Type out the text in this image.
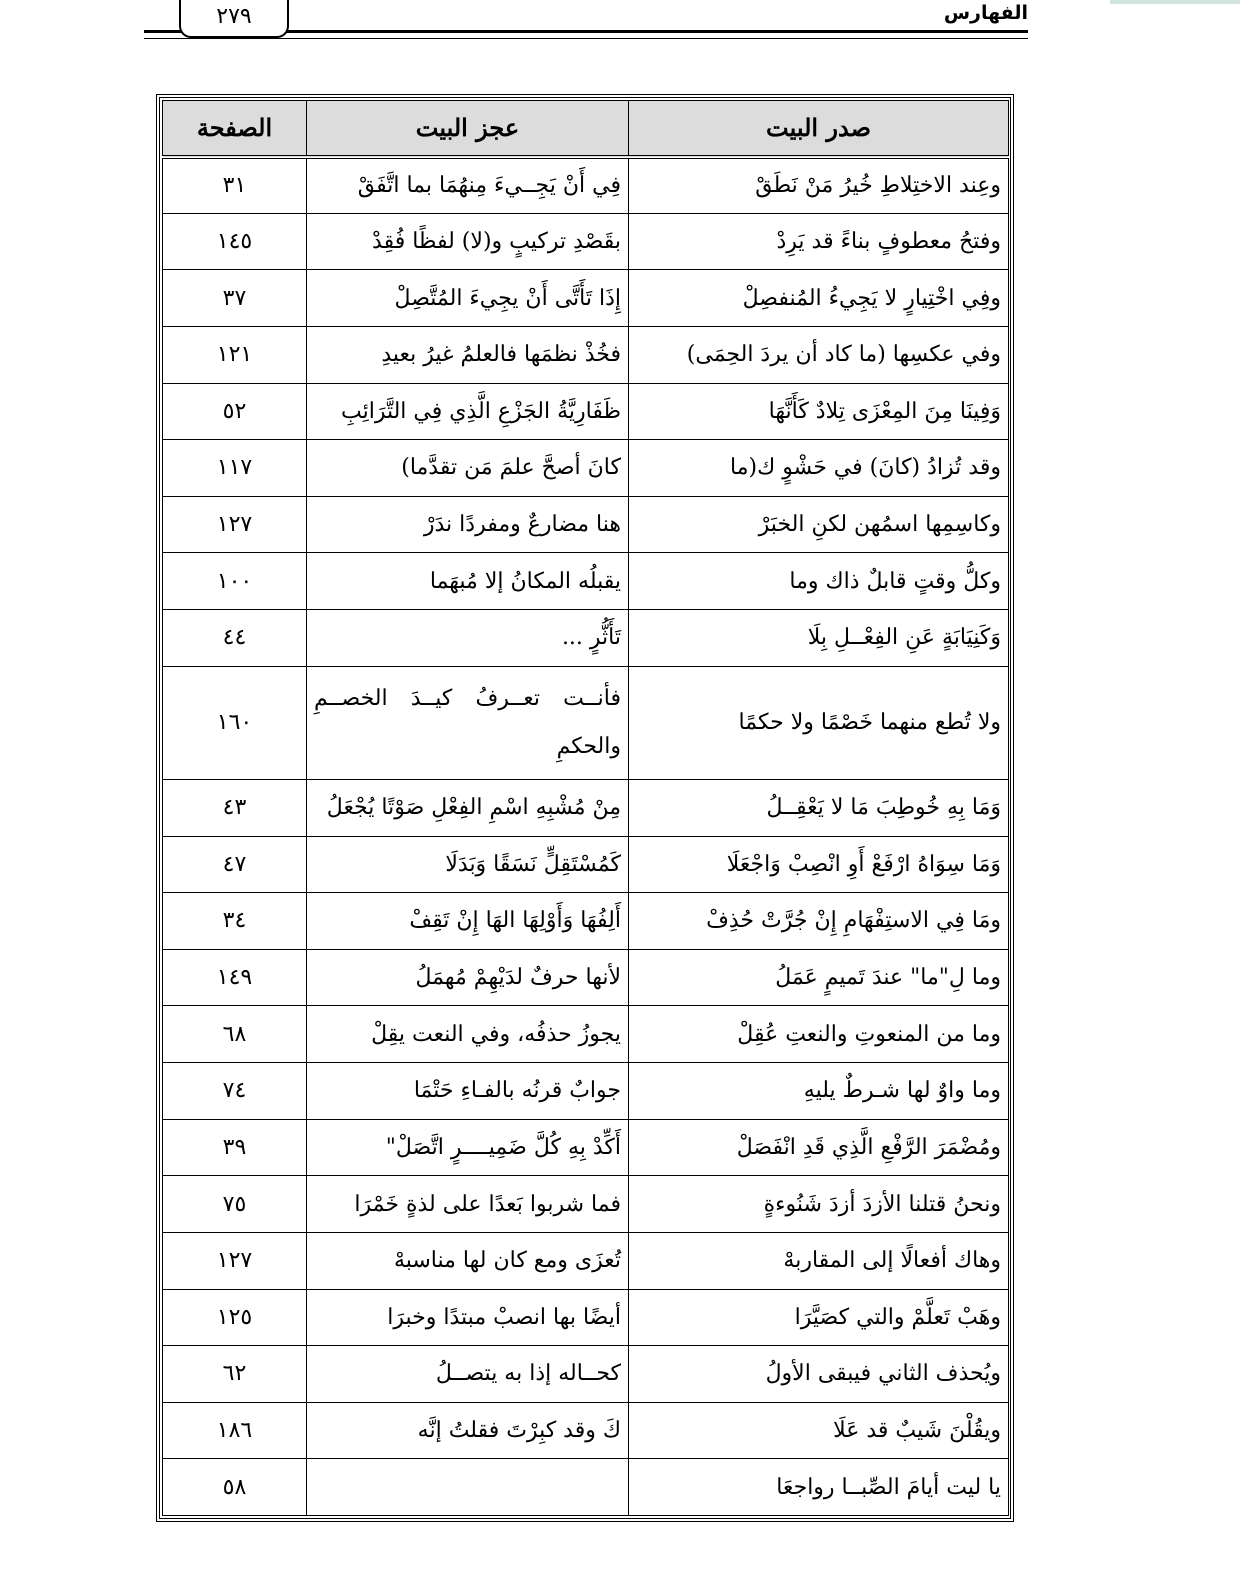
الفهارس
٢٧٩
صدر البيت	عجز البيت	الصفحة
وعِند الاختِلاطِ خُيرُ مَنْ نَطَقْ	فِي أَنْ يَجِــيءَ مِنهُمَا بما اتَّفَقْ	٣١
وفتحُ معطوفٍ بناءً قد يَرِدْ	بقَصْدِ تركيبٍ و(لا) لفظًا فُقِدْ	١٤٥
وفِي اخْتِيارٍ لا يَجِيءُ المُنفصِلْ	إِذَا تَأَتَّى أَنْ يجِيءَ المُتَّصِلْ	٣٧
وفي عكسِها (ما كاد أن يردَ الحِمَى)	فخُذْ نظمَها فالعلمُ غيرُ بعيدِ	١٢١
وَفِينَا مِنَ المِعْزَى تِلادٌ كَأَنَّهَا	ظَفَارِيَّةُ الجَزْعِ الَّذِي فِي التَّرَائِبِ	٥٢
وقد تُزادُ (كانَ) في حَشْوٍ ك(ما	كانَ أصحَّ علمَ مَن تقدَّما)	١١٧
وكاسِمِها اسمُهن لكنِ الخبَرْ	هنا مضارعٌ ومفردًا ندَرْ	١٢٧
وكلُّ وقتٍ قابلٌ ذاك وما	يقبلُه المكانُ إلا مُبهَما	١٠٠
وَكَنِيَابَةٍ عَنِ الفِعْــلِ بِلَا	تَأَثُّرٍ ...	٤٤
ولا تُطع منهما خَصْمًا ولا حكمًا	فأنــت تعــرفُ كيــدَ الخصــمِ والحكمِ	١٦٠
وَمَا بِهِ خُوطِبَ مَا لا يَعْقِــلُ	مِنْ مُشْبِهِ اسْمِ الفِعْلِ صَوْتًا يُجْعَلُ	٤٣
وَمَا سِوَاهُ ارْفَعْ أَوِ انْصِبْ وَاجْعَلَا	كَمُسْتَقِلٍّ نَسَقًا وَبَدَلَا	٤٧
ومَا فِي الاستِفْهَامِ إِنْ جُرَّتْ حُذِفْ	أَلِفُهَا وَأَوْلِهَا الهَا إِنْ تَقِفْ	٣٤
وما لِ"ما" عندَ تَميمٍ عَمَلُ	لأنها حرفٌ لدَيْهِمْ مُهمَلُ	١٤٩
وما من المنعوتِ والنعتِ عُقِلْ	يجوزُ حذفُه، وفي النعت يقِلْ	٦٨
وما واوٌ لها شـرطٌ يليهِ	جوابٌ قرنُه بالفـاءِ حَتْمَا	٧٤
ومُضْمَرَ الرَّفْعِ الَّذِي قَدِ انْفَصَلْ	أَكِّدْ بِهِ كُلَّ ضَمِيــــرٍ اتَّصَلْ"	٣٩
ونحنُ قتلنا الأزدَ أزدَ شَنُوءةٍ	فما شربوا بَعدًا على لذةٍ خَمْرَا	٧٥
وهاك أفعالًا إلى المقاربهْ	تُعزَى ومع كان لها مناسبهْ	١٢٧
وهَبْ تَعلَّمْ والتي كصَيَّرَا	أيضًا بها انصبْ مبتدًا وخبرَا	١٢٥
ويُحذف الثاني فيبقى الأولُ	كحــاله إذا به يتصــلُ	٦٢
ويقُلْنَ شَيبٌ قد عَلَا	كَ وقد كبِرْتَ فقلتُ إنَّه	١٨٦
يا ليت أيامَ الصِّبــا رواجعَا		٥٨
